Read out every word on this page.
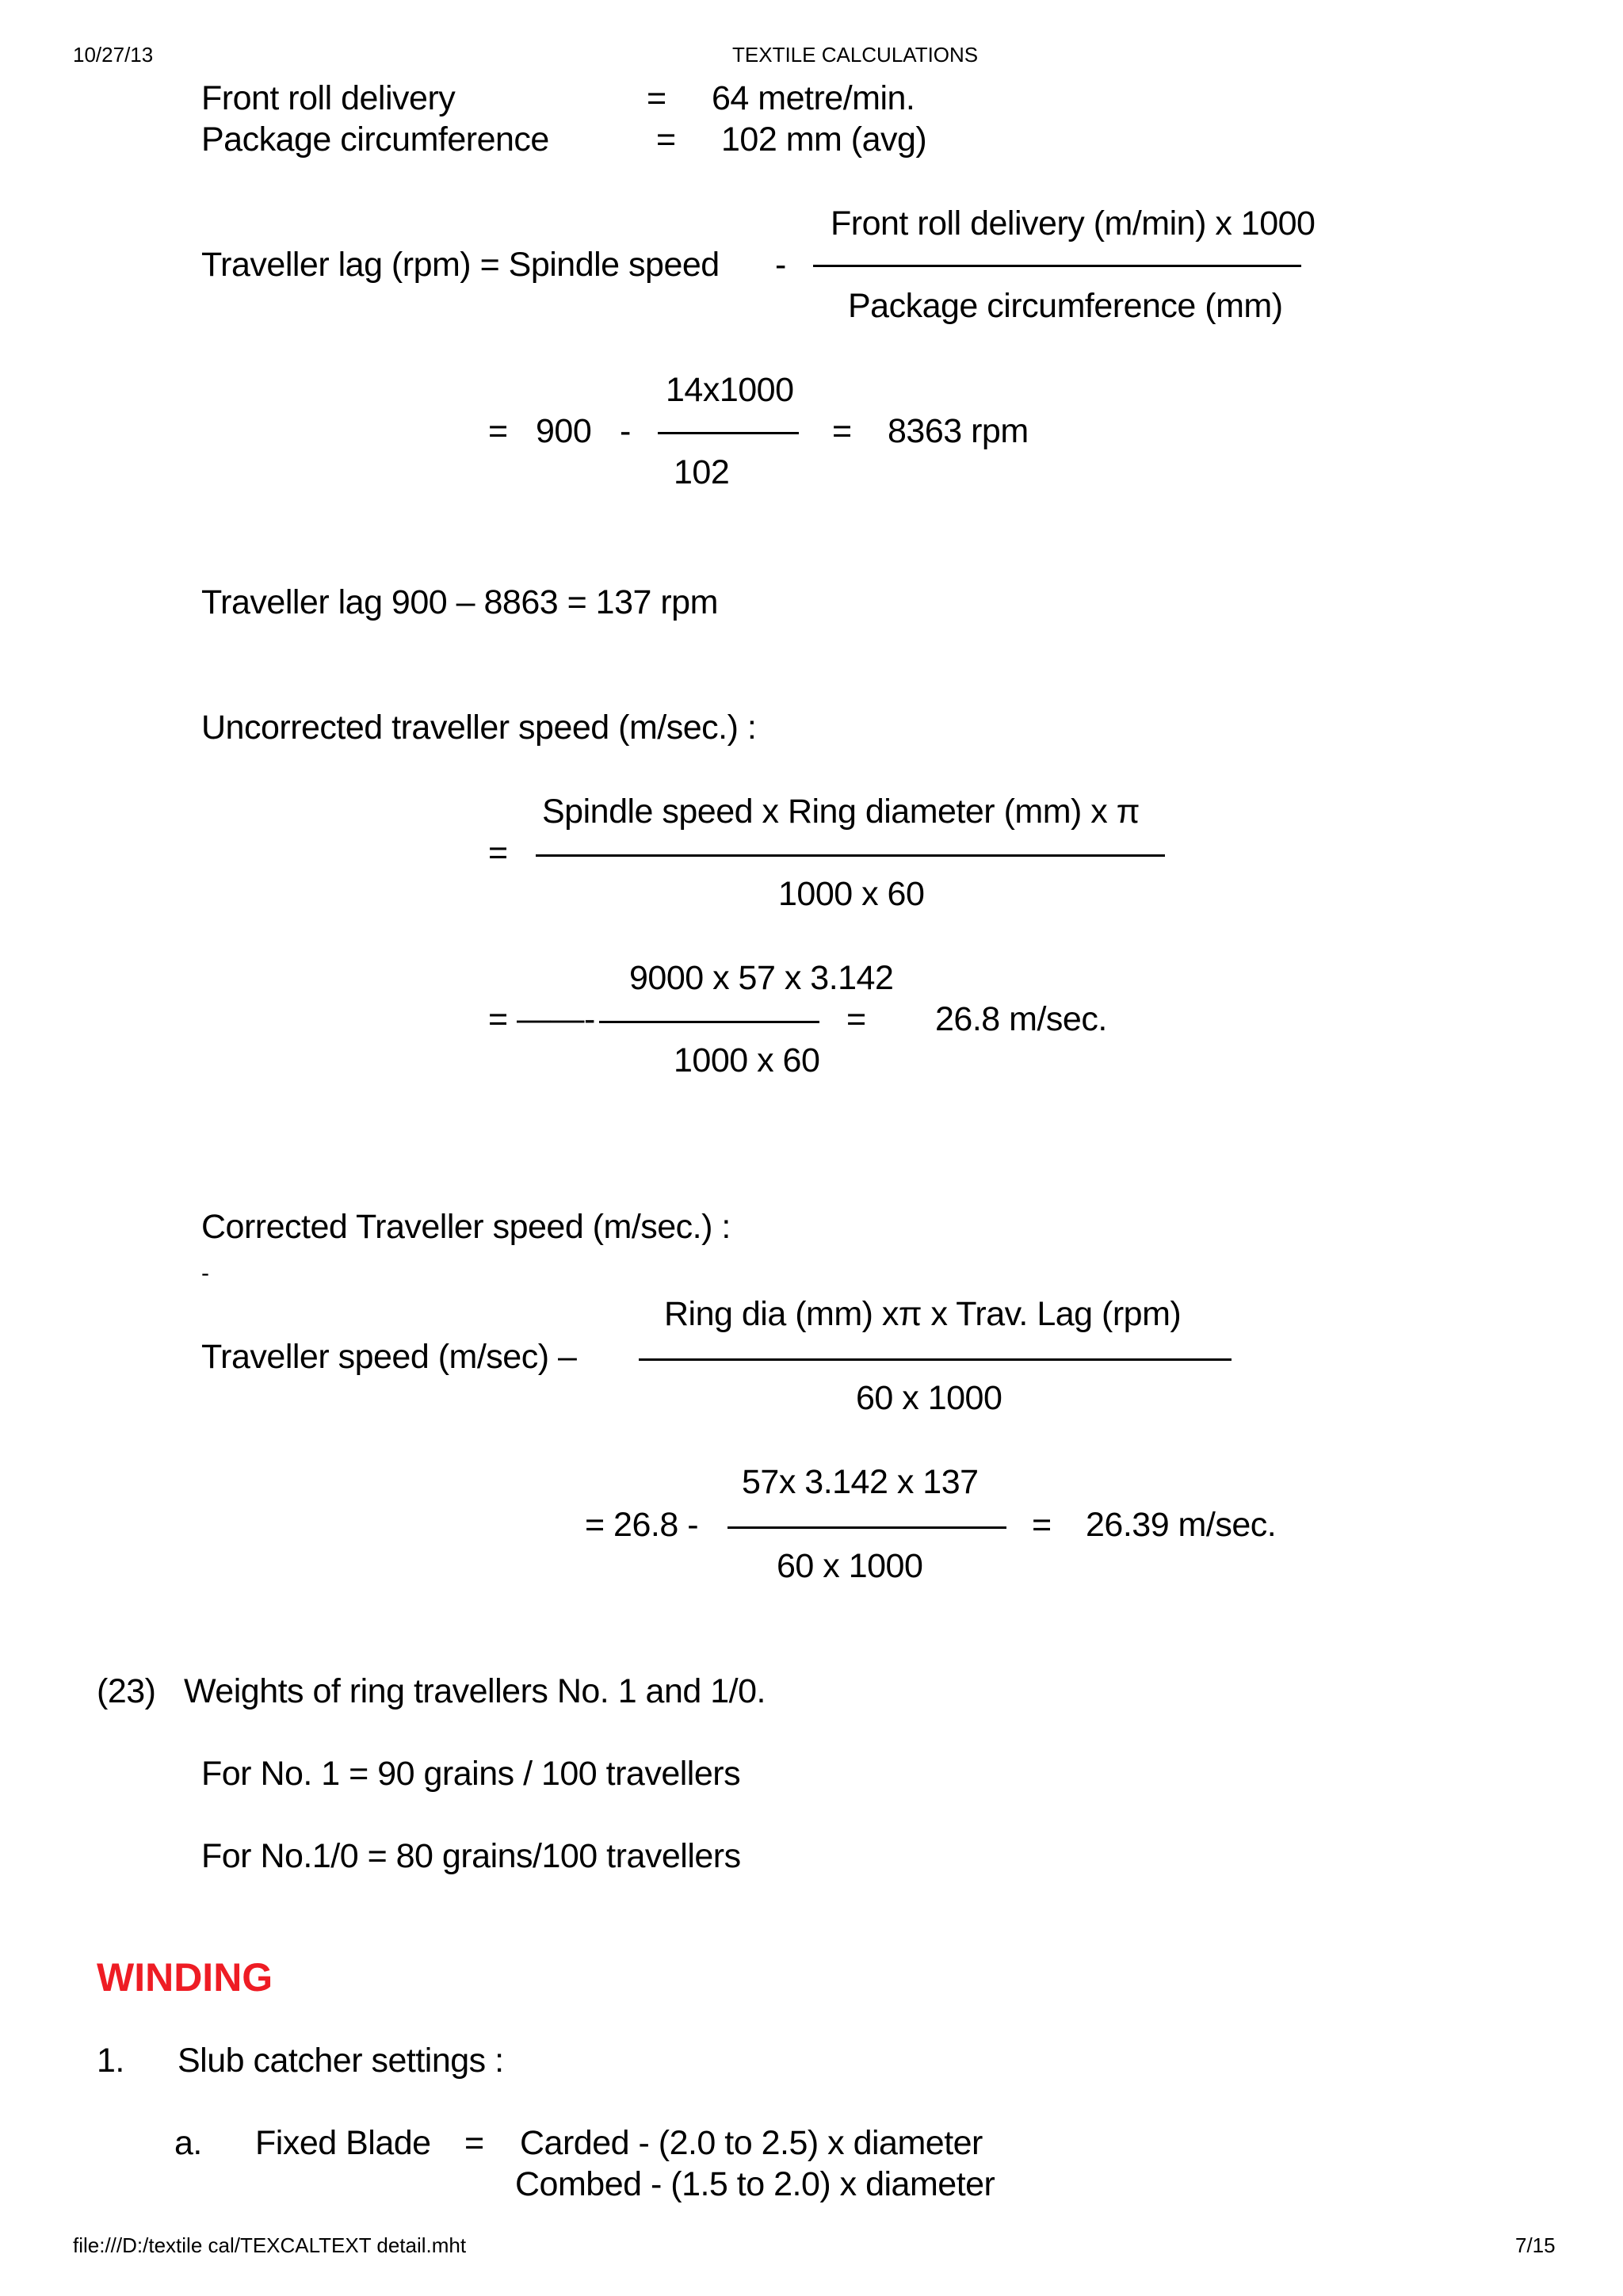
10/27/13	TEXTILE CALCULATIONS
Front roll delivery	= 64 metre/min.
Package circumference	= 102 mm (avg)
Front roll delivery (m/min) x 1000
Traveller lag (rpm) = Spindle speed -
Package circumference (mm)
14x1000
= 900 -	= 8363 rpm
102
Traveller lag 900 – 8863 = 137 rpm
Uncorrected traveller speed (m/sec.) :
Spindle speed x Ring diameter (mm) x π
=
1000 x 60
9000 x 57 x 3.142
= ——-	= 26.8 m/sec.
1000 x 60
Corrected Traveller speed (m/sec.) :
-
Ring dia (mm) xπ x Trav. Lag (rpm)
Traveller speed (m/sec) –
60 x 1000
57x 3.142 x 137
= 26.8 -	= 26.39 m/sec.
60 x 1000
(23) Weights of ring travellers No. 1 and 1/0.
For No. 1 = 90 grains / 100 travellers
For No.1/0 = 80 grains/100 travellers
WINDING
1. Slub catcher settings :
a. Fixed Blade = Carded - (2.0 to 2.5) x diameter
Combed - (1.5 to 2.0) x diameter
file:///D:/textile cal/TEXCALTEXT detail.mht	7/15
